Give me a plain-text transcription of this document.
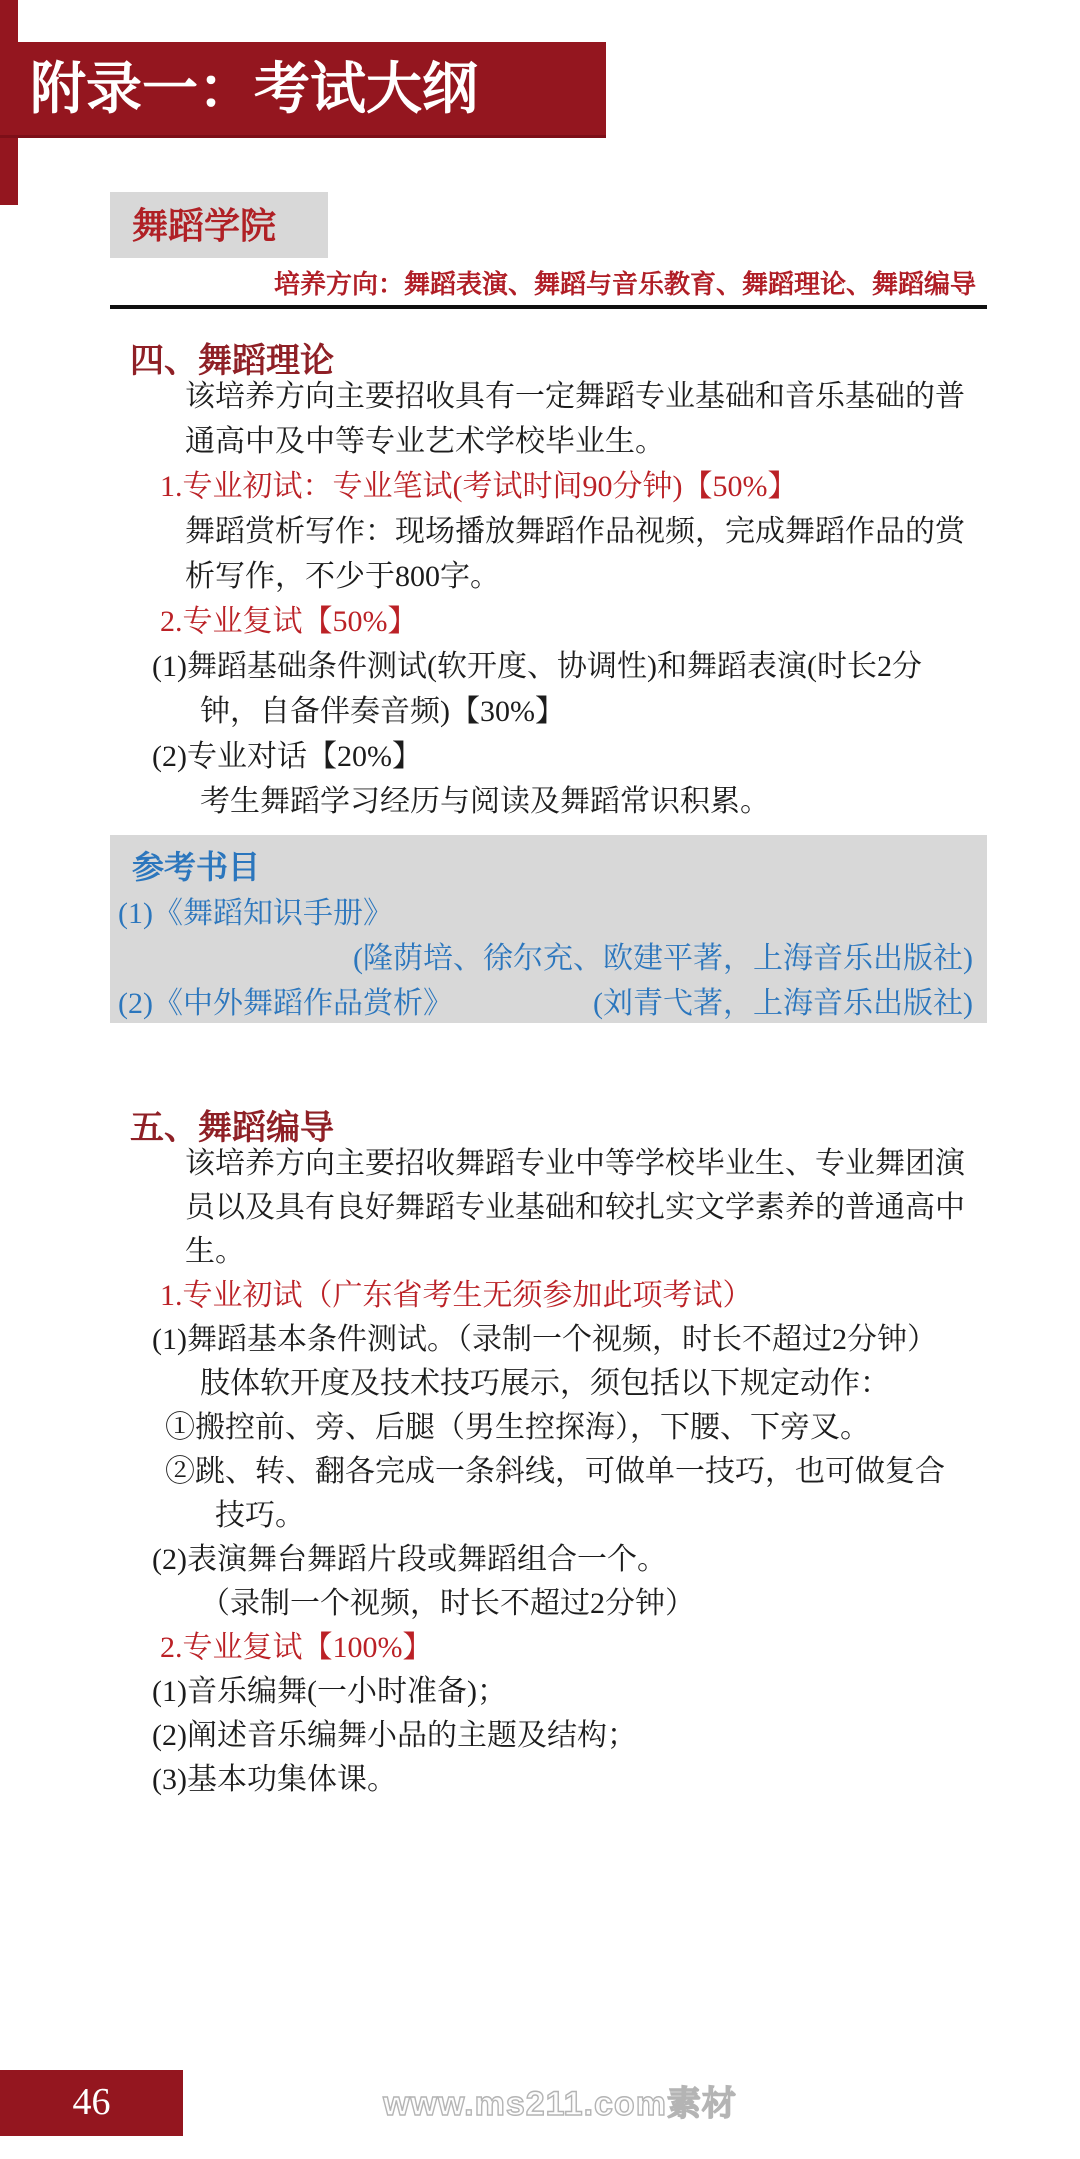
附录一：考试大纲
舞蹈学院
培养方向：舞蹈表演、舞蹈与音乐教育、舞蹈理论、舞蹈编导
四、舞蹈理论
该培养方向主要招收具有一定舞蹈专业基础和音乐基础的普
通高中及中等专业艺术学校毕业生。
1.专业初试：专业笔试(考试时间90分钟)【50%】
舞蹈赏析写作：现场播放舞蹈作品视频，完成舞蹈作品的赏
析写作，不少于800字。
2.专业复试【50%】
(1)舞蹈基础条件测试(软开度、协调性)和舞蹈表演(时长2分
钟，自备伴奏音频)【30%】
(2)专业对话【20%】
考生舞蹈学习经历与阅读及舞蹈常识积累。
参考书目
(1)《舞蹈知识手册》
(隆荫培、徐尔充、欧建平著，上海音乐出版社)
(2)《中外舞蹈作品赏析》	(刘青弋著，上海音乐出版社)
五、舞蹈编导
该培养方向主要招收舞蹈专业中等学校毕业生、专业舞团演
员以及具有良好舞蹈专业基础和较扎实文学素养的普通高中
生。
1.专业初试（广东省考生无须参加此项考试）
(1)舞蹈基本条件测试。（录制一个视频，时长不超过2分钟）
肢体软开度及技术技巧展示，须包括以下规定动作：
①搬控前、旁、后腿（男生控探海），下腰、下旁叉。
②跳、转、翻各完成一条斜线，可做单一技巧，也可做复合
技巧。
(2)表演舞台舞蹈片段或舞蹈组合一个。
（录制一个视频，时长不超过2分钟）
2.专业复试【100%】
(1)音乐编舞(一小时准备)；
(2)阐述音乐编舞小品的主题及结构；
(3)基本功集体课。
46	www.ms211.com素材
